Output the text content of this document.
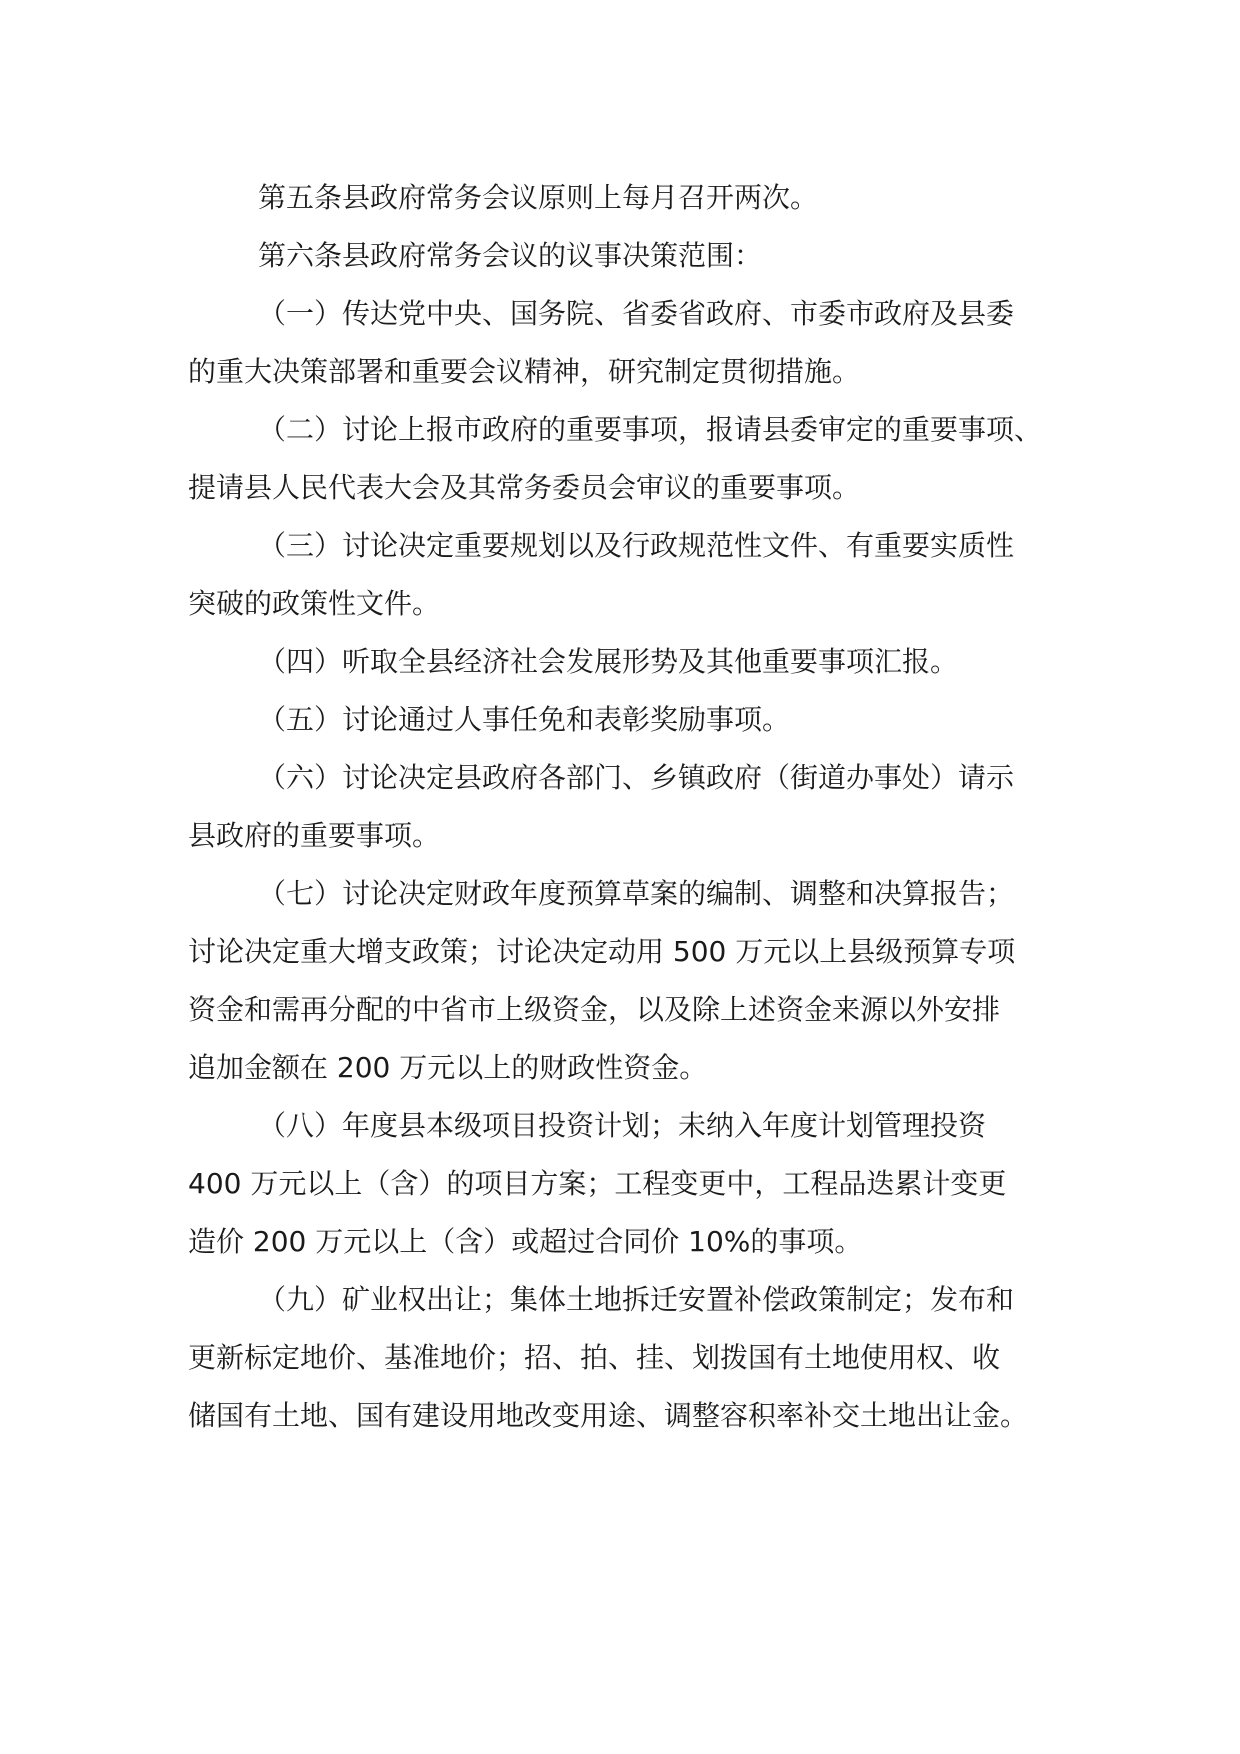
第五条县政府常务会议原则上每月召开两次。
第六条县政府常务会议的议事决策范围：
（一）传达党中央、国务院、省委省政府、市委市政府及县委
的重大决策部署和重要会议精神，研究制定贯彻措施。
（二）讨论上报市政府的重要事项，报请县委审定的重要事项、
提请县人民代表大会及其常务委员会审议的重要事项。
（三）讨论决定重要规划以及行政规范性文件、有重要实质性
突破的政策性文件。
（四）听取全县经济社会发展形势及其他重要事项汇报。
（五）讨论通过人事任免和表彰奖励事项。
（六）讨论决定县政府各部门、乡镇政府（街道办事处）请示
县政府的重要事项。
（七）讨论决定财政年度预算草案的编制、调整和决算报告；
讨论决定重大增支政策；讨论决定动用 500 万元以上县级预算专项
资金和需再分配的中省市上级资金，以及除上述资金来源以外安排
追加金额在 200 万元以上的财政性资金。
（八）年度县本级项目投资计划；未纳入年度计划管理投资
400 万元以上（含）的项目方案；工程变更中，工程品迭累计变更
造价 200 万元以上（含）或超过合同价 10%的事项。
（九）矿业权出让；集体土地拆迁安置补偿政策制定；发布和
更新标定地价、基准地价；招、拍、挂、划拨国有土地使用权、收
储国有土地、国有建设用地改变用途、调整容积率补交土地出让金。
